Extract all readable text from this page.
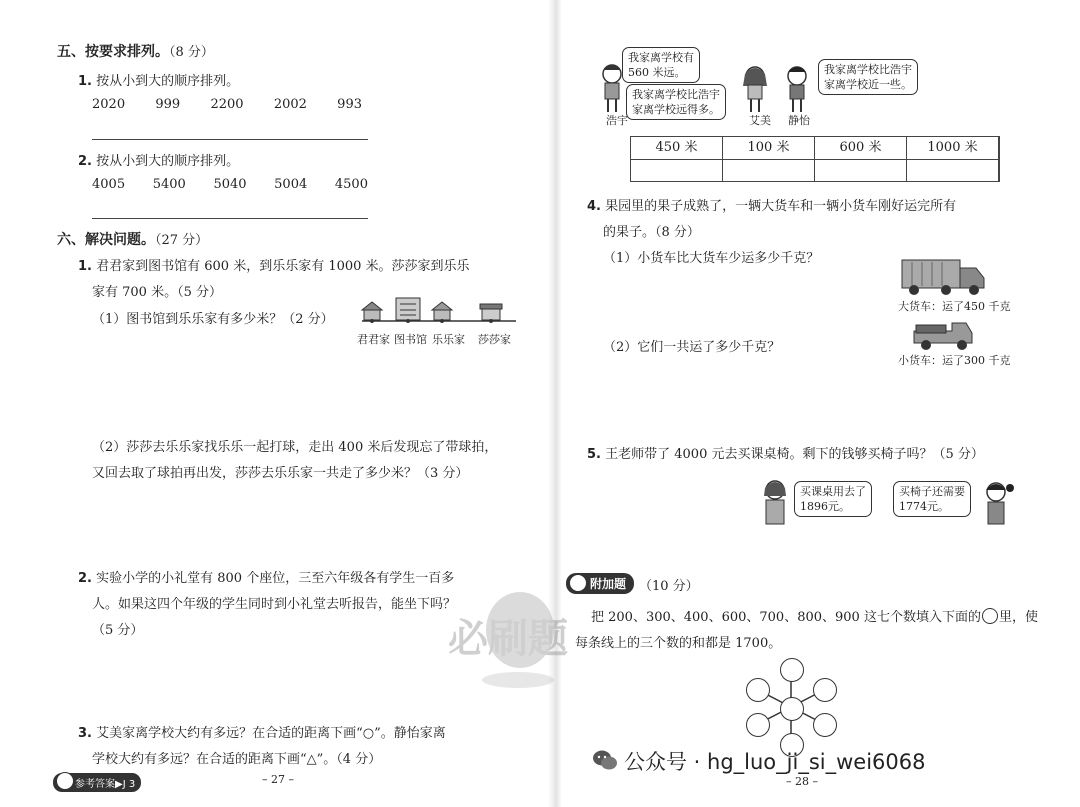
五、按要求排列。（8 分）
1. 按从小到大的顺序排列。
2020 999 2200 2002 993
2. 按从小到大的顺序排列。
4005 5400 5040 5004 4500
六、解决问题。（27 分）
1. 君君家到图书馆有 600 米，到乐乐家有 1000 米。莎莎家到乐乐
家有 700 米。（5 分）
（1）图书馆到乐乐家有多少米？（2 分）
君君家 图书馆 乐乐家 莎莎家
（2）莎莎去乐乐家找乐乐一起打球，走出 400 米后发现忘了带球拍，
又回去取了球拍再出发，莎莎去乐乐家一共走了多少米？（3 分）
2. 实验小学的小礼堂有 800 个座位，三至六年级各有学生一百多
人。如果这四个年级的学生同时到小礼堂去听报告，能坐下吗？
（5 分）	必刷题
3. 艾美家离学校大约有多远？在合适的距离下画“○”。静怡家离
学校大约有多远？在合适的距离下画“△”。（4 分）
参考答案▶J 3	– 27 –
我家离学校有
560 米远。
我家离学校比浩宇
家离学校远得多。
我家离学校比浩宇
家离学校近一些。
浩宇	艾美 静怡
450 米	100 米	600 米	1000 米
4. 果园里的果子成熟了，一辆大货车和一辆小货车刚好运完所有
的果子。（8 分）
（1）小货车比大货车少运多少千克？
大货车：运了450 千克
（2）它们一共运了多少千克？
小货车：运了300 千克
5. 王老师带了 4000 元去买课桌椅。剩下的钱够买椅子吗？（5 分）
买课桌用去了
1896元。
买椅子还需要
1774元。
附加题 （10 分）
把 200、300、400、600、700、800、900 这七个数填入下面的 里，使
每条线上的三个数的和都是 1700。
– 28 –
公众号 · hg_luo_ji_si_wei6068
